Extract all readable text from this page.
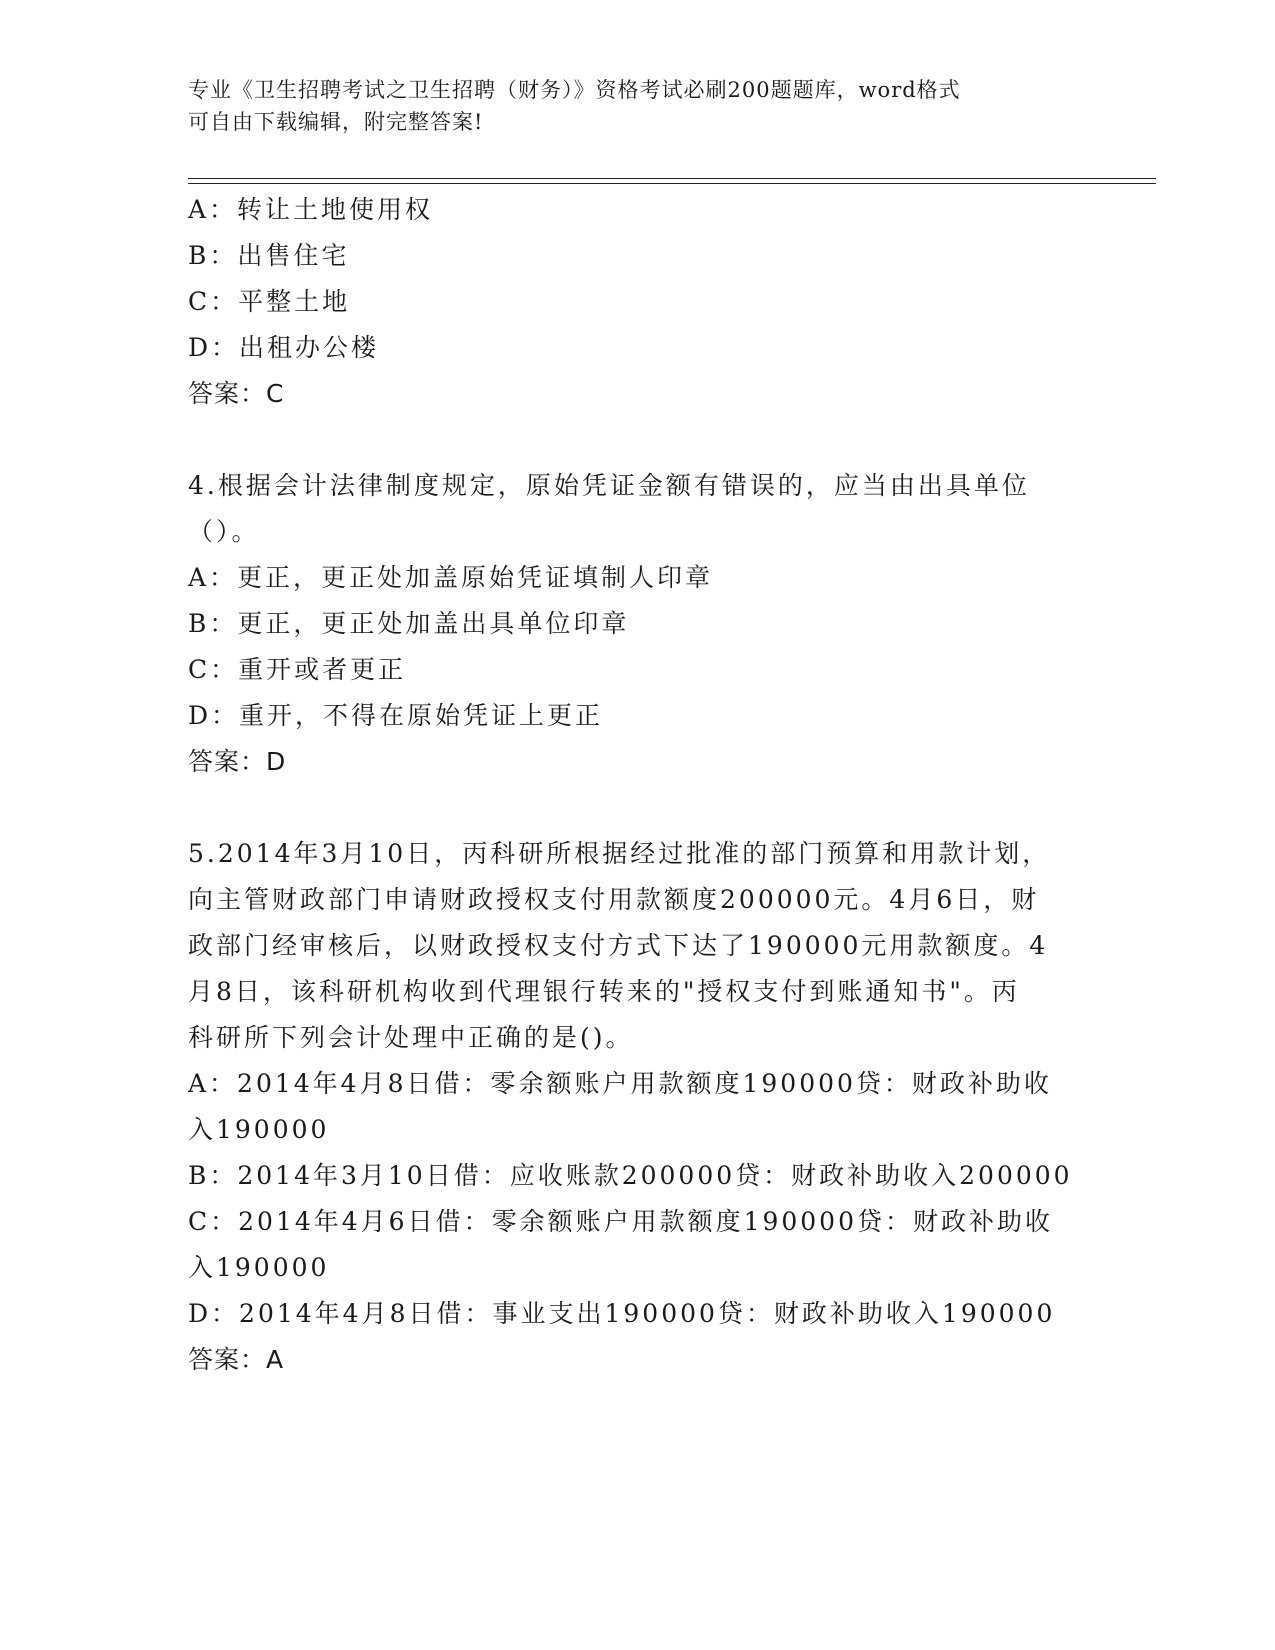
专业《卫生招聘考试之卫生招聘（财务）》资格考试必刷200题题库，word格式
可自由下载编辑，附完整答案!
A：转让土地使用权
B：出售住宅
C：平整土地
D：出租办公楼
答案：C
4.根据会计法律制度规定，原始凭证金额有错误的，应当由出具单位
（）。
A：更正，更正处加盖原始凭证填制人印章
B：更正，更正处加盖出具单位印章
C：重开或者更正
D：重开，不得在原始凭证上更正
答案：D
5.2014年3月10日，丙科研所根据经过批准的部门预算和用款计划，
向主管财政部门申请财政授权支付用款额度200000元。4月6日，财
政部门经审核后，以财政授权支付方式下达了190000元用款额度。4
月8日，该科研机构收到代理银行转来的"授权支付到账通知书"。丙
科研所下列会计处理中正确的是()。
A：2014年4月8日借：零余额账户用款额度190000贷：财政补助收
入190000
B：2014年3月10日借：应收账款200000贷：财政补助收入200000
C：2014年4月6日借：零余额账户用款额度190000贷：财政补助收
入190000
D：2014年4月8日借：事业支出190000贷：财政补助收入190000
答案：A
